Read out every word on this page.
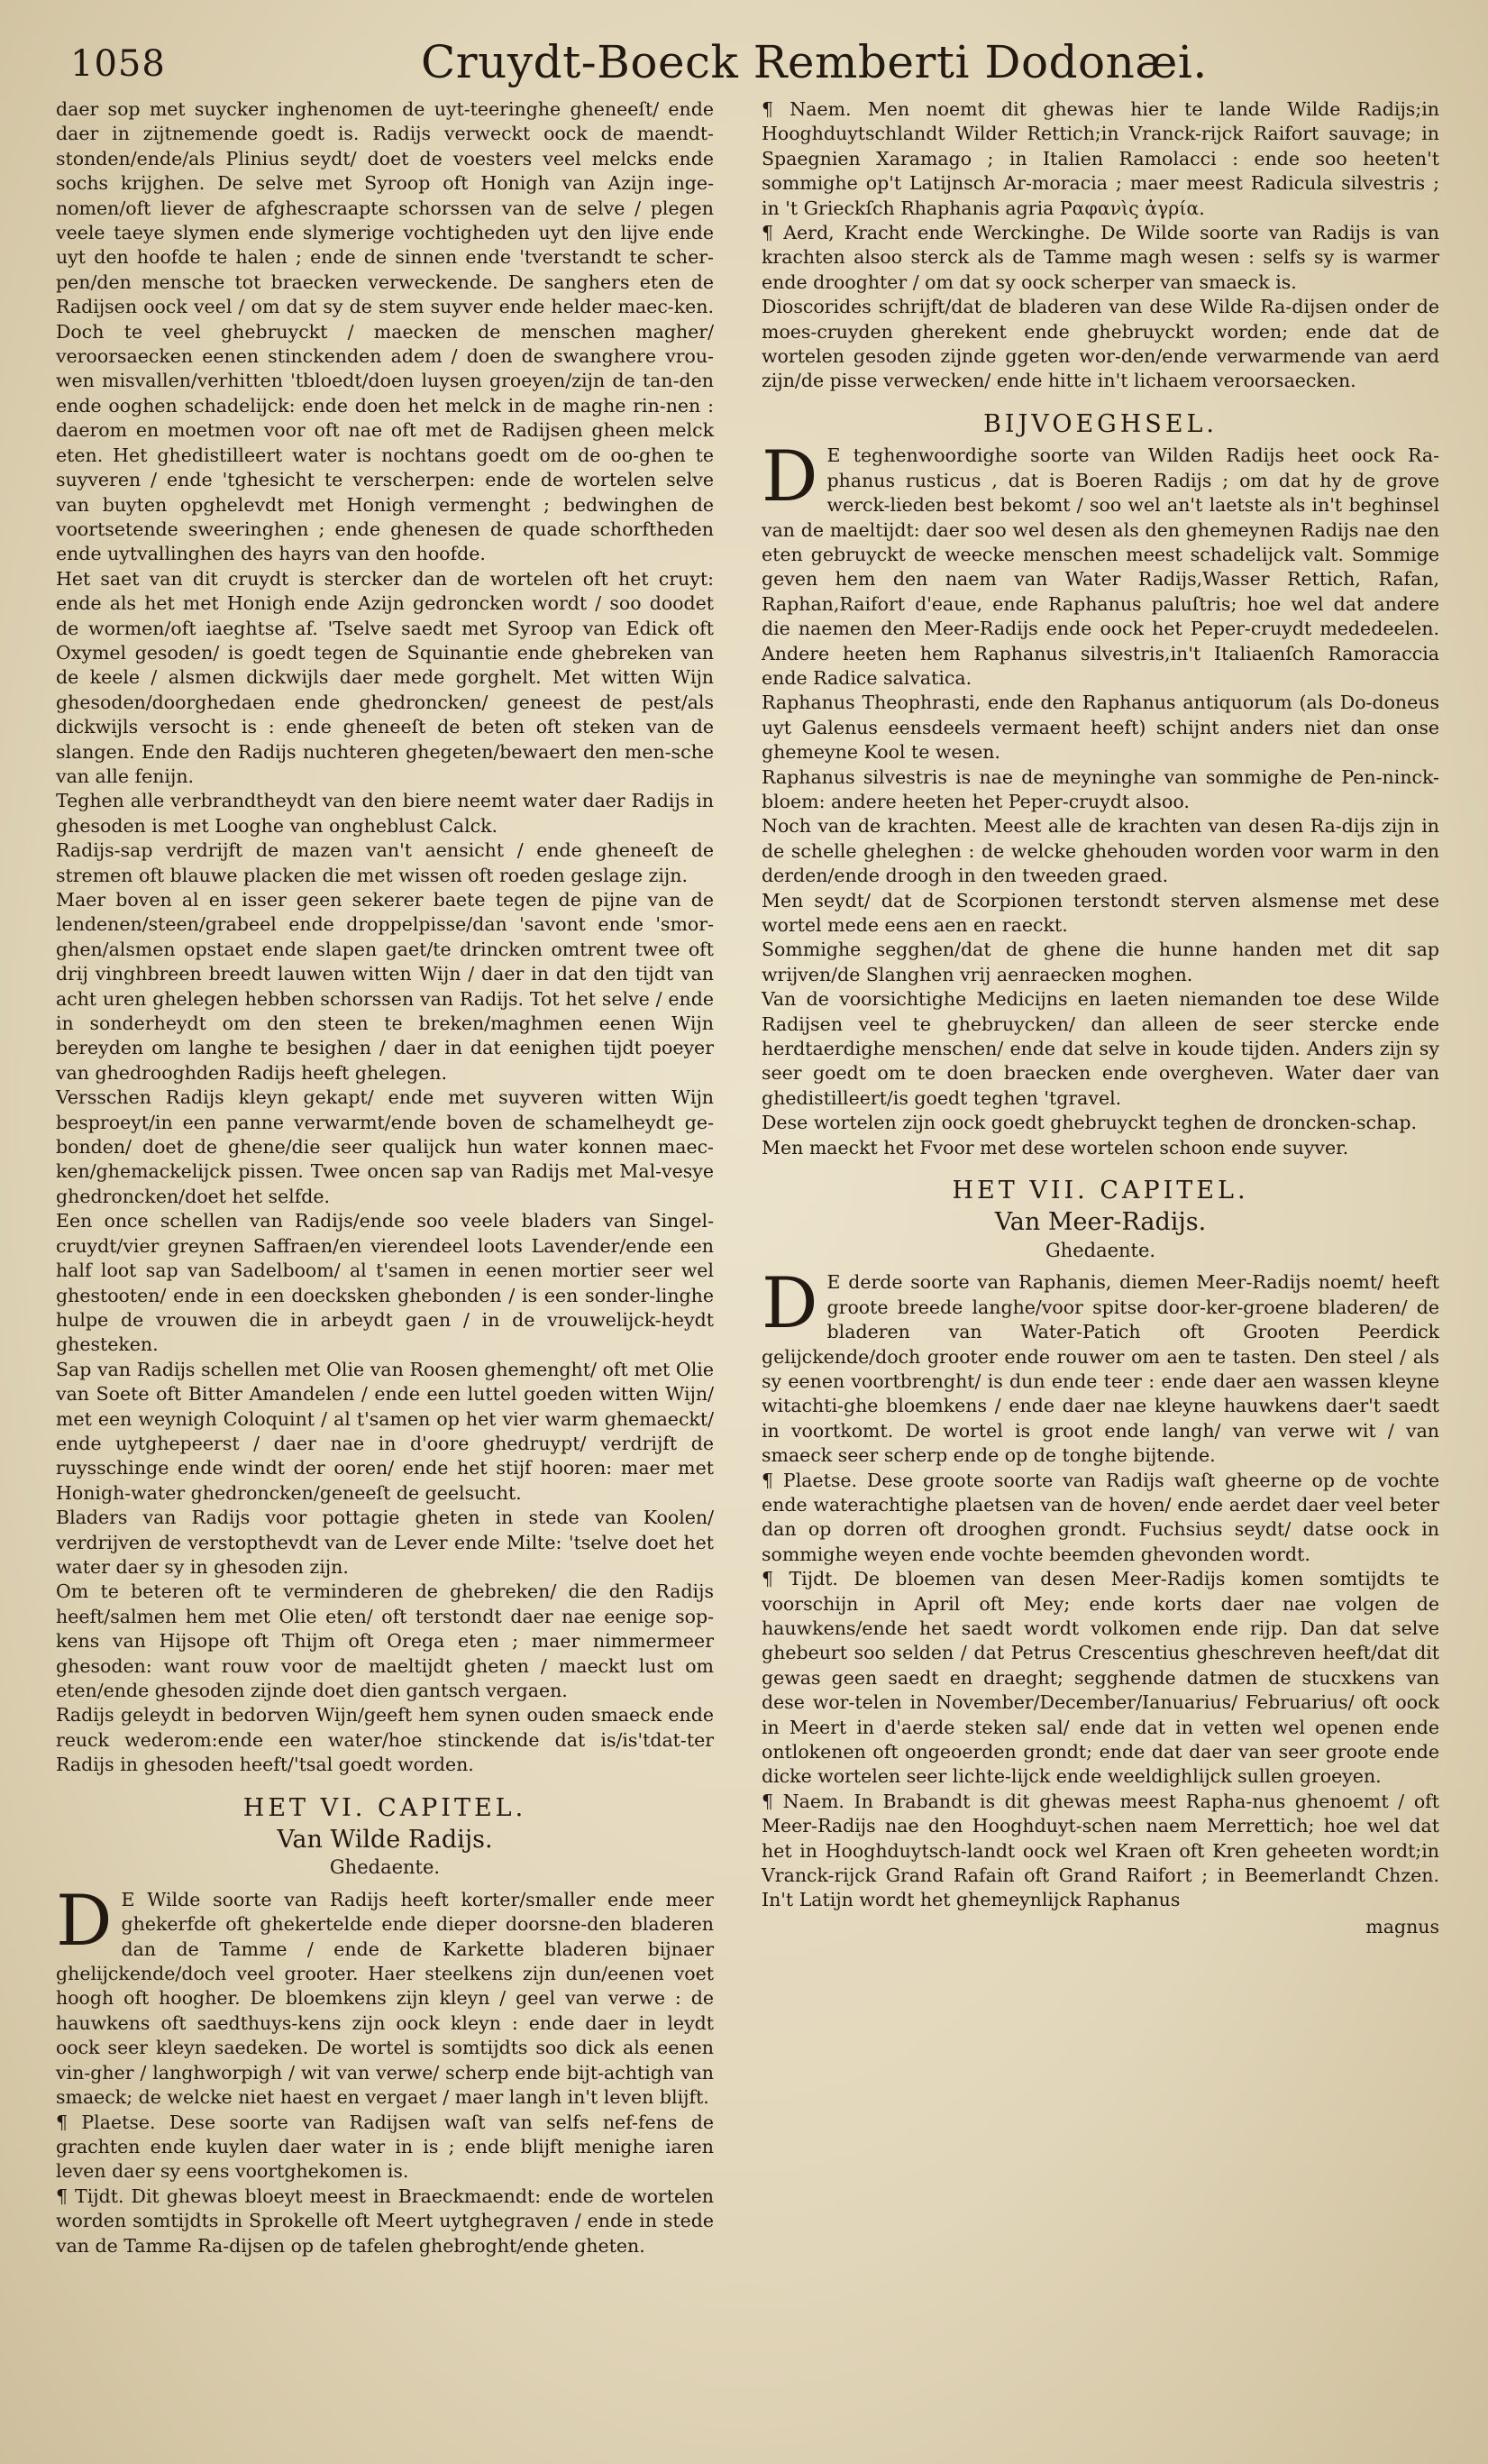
1058	Cruydt-Boeck Remberti Dodonæi.

daer sop met suycker inghenomen de uyt-teeringhe gheneeſt/ ende daer in zijtnemende goedt is. Radijs verweckt oock de maendt-stonden/ende/als Plinius seydt/ doet de voesters veel melcks ende sochs krijghen. De selve met Syroop oft Honigh van Azijn inge-nomen/oft liever de afghescraapte schorssen van de selve / plegen veele taeye slymen ende slymerige vochtigheden uyt den lijve ende uyt den hoofde te halen ; ende de sinnen ende 'tverstandt te scher-pen/den mensche tot braecken verweckende. De sanghers eten de Radijsen oock veel / om dat sy de stem suyver ende helder maec-ken. Doch te veel ghebruyckt / maecken de menschen magher/ veroorsaecken eenen stinckenden adem / doen de swanghere vrou-wen misvallen/verhitten 'tbloedt/doen luysen groeyen/zijn de tan-den ende ooghen schadelijck: ende doen het melck in de maghe rin-nen : daerom en moetmen voor oft nae oft met de Radijsen gheen melck eten. Het ghedistilleert water is nochtans goedt om de oo-ghen te suyveren / ende 'tghesicht te verscherpen: ende de wortelen selve van buyten opghelevdt met Honigh vermenght ; bedwinghen de voortsetende sweeringhen ; ende ghenesen de quade schorftheden ende uytvallinghen des hayrs van den hoofde.

Het saet van dit cruydt is stercker dan de wortelen oft het cruyt: ende als het met Honigh ende Azijn gedroncken wordt / soo doodet de wormen/oft iaeghtse af. 'Tselve saedt met Syroop van Edick oft Oxymel gesoden/ is goedt tegen de Squinantie ende ghebreken van de keele / alsmen dickwijls daer mede gorghelt. Met witten Wijn ghesoden/doorghedaen ende ghedroncken/ geneest de pest/als dickwijls versocht is : ende gheneeſt de beten oft steken van de slangen. Ende den Radijs nuchteren ghegeten/bewaert den men-sche van alle fenijn.

Teghen alle verbrandtheydt van den biere neemt water daer Radijs in ghesoden is met Looghe van ongheblust Calck.

Radijs-sap verdrijft de mazen van't aensicht / ende gheneeſt de stremen oft blauwe placken die met wissen oft roeden geslage zijn.

Maer boven al en isser geen sekerer baete tegen de pijne van de lendenen/steen/grabeel ende droppelpisse/dan 'savont ende 'smor-ghen/alsmen opstaet ende slapen gaet/te drincken omtrent twee oft drij vinghbreen breedt lauwen witten Wijn / daer in dat den tijdt van acht uren ghelegen hebben schorssen van Radijs. Tot het selve / ende in sonderheydt om den steen te breken/maghmen eenen Wijn bereyden om langhe te besighen / daer in dat eenighen tijdt poeyer van ghedrooghden Radijs heeft ghelegen.

Versschen Radijs kleyn gekapt/ ende met suyveren witten Wijn besproeyt/in een panne verwarmt/ende boven de schamelheydt ge-bonden/ doet de ghene/die seer qualijck hun water konnen maec-ken/ghemackelijck pissen. Twee oncen sap van Radijs met Mal-vesye ghedroncken/doet het selfde.

Een once schellen van Radijs/ende soo veele bladers van Singel-cruydt/vier greynen Saffraen/en vierendeel loots Lavender/ende een half loot sap van Sadelboom/ al t'samen in eenen mortier seer wel ghestooten/ ende in een doecksken ghebonden / is een sonder-linghe hulpe de vrouwen die in arbeydt gaen / in de vrouwelijck-heydt ghesteken.

Sap van Radijs schellen met Olie van Roosen ghemenght/ oft met Olie van Soete oft Bitter Amandelen / ende een luttel goeden witten Wijn/ met een weynigh Coloquint / al t'samen op het vier warm ghemaeckt/ ende uytghepeerst / daer nae in d'oore ghedruypt/ verdrijft de ruysschinge ende windt der ooren/ ende het stijf hooren: maer met Honigh-water ghedroncken/geneeſt de geelsucht.

Bladers van Radijs voor pottagie gheten in stede van Koolen/ verdrijven de verstopthevdt van de Lever ende Milte: 'tselve doet het water daer sy in ghesoden zijn.

Om te beteren oft te verminderen de ghebreken/ die den Radijs heeft/salmen hem met Olie eten/ oft terstondt daer nae eenige sop-kens van Hijsope oft Thijm oft Orega eten ; maer nimmermeer ghesoden: want rouw voor de maeltijdt gheten / maeckt lust om eten/ende ghesoden zijnde doet dien gantsch vergaen.

Radijs geleydt in bedorven Wijn/geeft hem synen ouden smaeck ende reuck wederom:ende een water/hoe stinckende dat is/is'tdat-ter Radijs in ghesoden heeft/'tsal goedt worden.

HET VI. CAPITEL.
Van Wilde Radijs.
Ghedaente.

D E Wilde soorte van Radijs heeft korter/smaller ende meer ghekerfde oft ghekertelde ende dieper doorsne-den bladeren dan de Tamme / ende de Karkette bladeren bijnaer ghelijckende/doch veel grooter. Haer steelkens zijn dun/eenen voet hoogh oft hoogher. De bloemkens zijn kleyn / geel van verwe : de hauwkens oft saedthuys-kens zijn oock kleyn : ende daer in leydt oock seer kleyn saedeken. De wortel is somtijdts soo dick als eenen vin-gher / langhworpigh / wit van verwe/ scherp ende bijt-achtigh van smaeck; de welcke niet haest en vergaet / maer langh in't leven blijft.

¶ Plaetse. Dese soorte van Radijsen waſt van selfs nef-fens de grachten ende kuylen daer water in is ; ende blijft menighe iaren leven daer sy eens voortghekomen is.

¶ Tijdt. Dit ghewas bloeyt meest in Braeckmaendt: ende de wortelen worden somtijdts in Sprokelle oft Meert uytghegraven / ende in stede van de Tamme Ra-dijsen op de tafelen ghebroght/ende gheten.

¶ Naem. Men noemt dit ghewas hier te lande Wilde Radijs;in Hooghduytschlandt Wilder Rettich;in Vranck-rijck Raifort sauvage; in Spaegnien Xaramago ; in Italien Ramolacci : ende soo heeten't sommighe op't Latijnsch Ar-moracia ; maer meest Radicula silvestris ; in 't Grieckſch Rhaphanis agria Ραφανὶς ἀγρία.

¶ Aerd, Kracht ende Werckinghe. De Wilde soorte van Radijs is van krachten alsoo sterck als de Tamme magh wesen : selfs sy is warmer ende drooghter / om dat sy oock scherper van smaeck is.

Dioscorides schrijft/dat de bladeren van dese Wilde Ra-dijsen onder de moes-cruyden gherekent ende ghebruyckt worden; ende dat de wortelen gesoden zijnde ggeten wor-den/ende verwarmende van aerd zijn/de pisse verwecken/ ende hitte in't lichaem veroorsaecken.

BIJVOEGHSEL.

D E teghenwoordighe soorte van Wilden Radijs heet oock Ra-phanus rusticus , dat is Boeren Radijs ; om dat hy de grove werck-lieden best bekomt / soo wel an't laetste als in't beghinsel van de maeltijdt: daer soo wel desen als den ghemeynen Radijs nae den eten gebruyckt de weecke menschen meest schadelijck valt. Sommige geven hem den naem van Water Radijs,Wasser Rettich, Rafan, Raphan,Raifort d'eaue, ende Raphanus paluſtris; hoe wel dat andere die naemen den Meer-Radijs ende oock het Peper-cruydt mededeelen. Andere heeten hem Raphanus silvestris,in't Italiaenſch Ramoraccia ende Radice salvatica.

Raphanus Theophrasti, ende den Raphanus antiquorum (als Do-doneus uyt Galenus eensdeels vermaent heeft) schijnt anders niet dan onse ghemeyne Kool te wesen.

Raphanus silvestris is nae de meyninghe van sommighe de Pen-ninck-bloem: andere heeten het Peper-cruydt alsoo.

Noch van de krachten. Meest alle de krachten van desen Ra-dijs zijn in de schelle gheleghen : de welcke ghehouden worden voor warm in den derden/ende droogh in den tweeden graed.

Men seydt/ dat de Scorpionen terstondt sterven alsmense met dese wortel mede eens aen en raeckt.

Sommighe segghen/dat de ghene die hunne handen met dit sap wrijven/de Slanghen vrij aenraecken moghen.

Van de voorsichtighe Medicijns en laeten niemanden toe dese Wilde Radijsen veel te ghebruycken/ dan alleen de seer stercke ende herdtaerdighe menschen/ ende dat selve in koude tijden. Anders zijn sy seer goedt om te doen braecken ende overgheven. Water daer van ghedistilleert/is goedt teghen 'tgravel.

Dese wortelen zijn oock goedt ghebruyckt teghen de droncken-schap.

Men maeckt het Fvoor met dese wortelen schoon ende suyver.

HET VII. CAPITEL.
Van Meer-Radijs.
Ghedaente.

D E derde soorte van Raphanis, diemen Meer-Radijs noemt/ heeft groote breede langhe/voor spitse door-ker-groene bladeren/ de bladeren van Water-Patich oft Grooten Peerdick gelijckende/doch grooter ende rouwer om aen te tasten. Den steel / als sy eenen voortbrenght/ is dun ende teer : ende daer aen wassen kleyne witachti-ghe bloemkens / ende daer nae kleyne hauwkens daer't saedt in voortkomt. De wortel is groot ende langh/ van verwe wit / van smaeck seer scherp ende op de tonghe bijtende.

¶ Plaetse. Dese groote soorte van Radijs waſt gheerne op de vochte ende waterachtighe plaetsen van de hoven/ ende aerdet daer veel beter dan op dorren oft drooghen grondt. Fuchsius seydt/ datse oock in sommighe weyen ende vochte beemden ghevonden wordt.

¶ Tijdt. De bloemen van desen Meer-Radijs komen somtijdts te voorschijn in April oft Mey; ende korts daer nae volgen de hauwkens/ende het saedt wordt volkomen ende rijp. Dan dat selve ghebeurt soo selden / dat Petrus Crescentius gheschreven heeft/dat dit gewas geen saedt en draeght; segghende datmen de stucxkens van dese wor-telen in November/December/Ianuarius/ Februarius/ oft oock in Meert in d'aerde steken sal/ ende dat in vetten wel openen ende ontlokenen oft ongeoerden grondt; ende dat daer van seer groote ende dicke wortelen seer lichte-lijck ende weeldighlijck sullen groeyen.

¶ Naem. In Brabandt is dit ghewas meest Rapha-nus ghenoemt / oft Meer-Radijs nae den Hooghduyt-schen naem Merrettich; hoe wel dat het in Hooghduytsch-landt oock wel Kraen oft Kren geheeten wordt;in Vranck-rijck Grand Rafain oft Grand Raifort ; in Beemerlandt Chzen. In't Latijn wordt het ghemeynlijck Raphanus

magnus
